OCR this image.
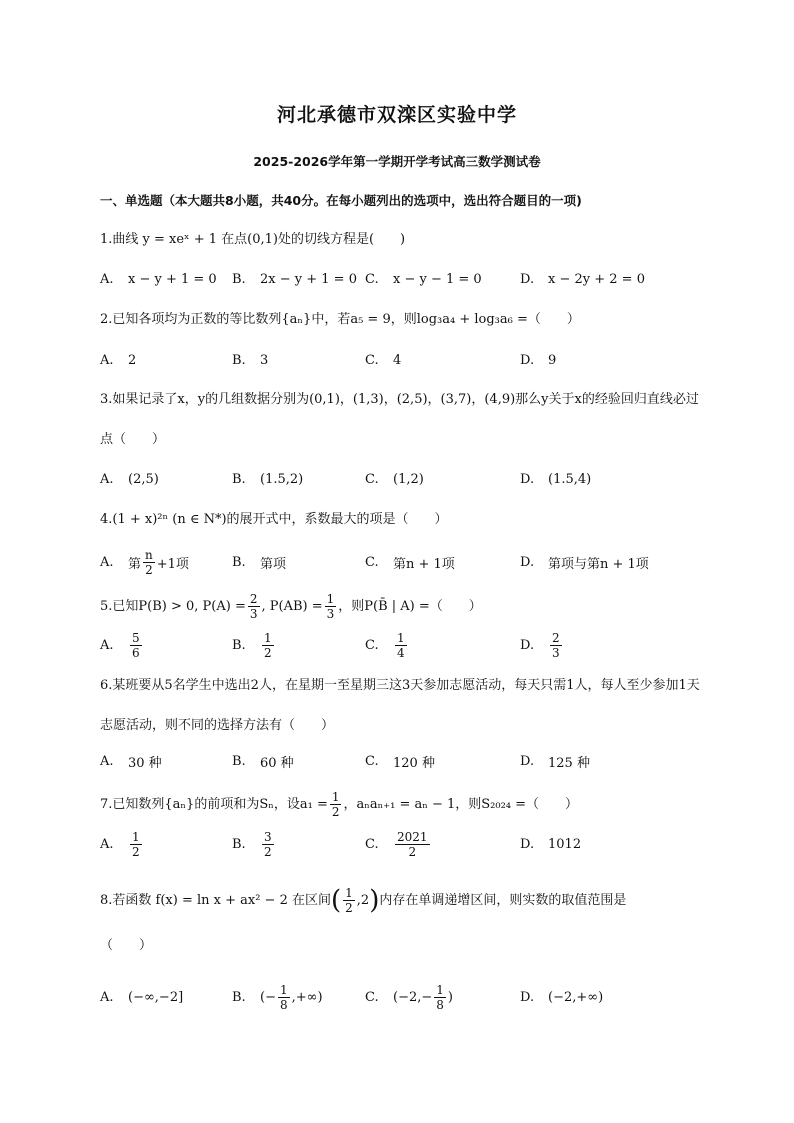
河北承德市双滦区实验中学
2025-2026学年第一学期开学考试高三数学测试卷
一、单选题（本大题共8小题，共40分。在每小题列出的选项中，选出符合题目的一项)
1.曲线 y = xeˣ + 1 在点(0,1)处的切线方程是(　　)
A.	x − y + 1 = 0 B.	2x − y + 1 = 0 C.	x − y − 1 = 0	D.	x − 2y + 2 = 0
2.已知各项均为正数的等比数列{aₙ}中，若a₅ = 9，则log₃a₄ + log₃a₆ =（　　）
A.	2	B.	3	C.	4	D.	9
3.如果记录了x，y的几组数据分别为(0,1)，(1,3)，(2,5)，(3,7)，(4,9)那么y关于x的经验回归直线必过点（　　）
A.	(2,5)	B.	(1.5,2)	C.	(1,2)	D.	(1.5,4)
4.(1 + x)²ⁿ (n ∈ N*)的展开式中，系数最大的项是（　　）
A.	第 $\frac{n}{2} +1$项	B.	第项	C.	第n + 1项	D.	第项与第n + 1项
5.已知P(B) > 0, $P(A) = \frac{2}{3}$ , $P(AB) = \frac{1}{3}$ ，则P(B̄ | A) =（　　）
A.	$\frac{5}{6}$	B.	$\frac{1}{2}$	C.	$\frac{1}{4}$	D.	$\frac{2}{3}$
6.某班要从5名学生中选出2人，在星期一至星期三这3天参加志愿活动，每天只需1人，每人至少参加1天志愿活动，则不同的选择方法有（　　）
A.	30 种	B.	60 种	C.	120 种	D.	125 种
7.已知数列{aₙ}的前项和为Sₙ，设$a_1 = \frac{1}{2}$ ，aₙaₙ₊₁ = aₙ − 1，则S₂₀₂₄ =（　　）
A.	$\frac{1}{2}$	B.	$\frac{3}{2}$	C.	$\frac{2021}{2}$	D.	1012
8.若函数 f(x) = ln x + ax² − 2 在区间( $\frac{1}{2} ,2$)内存在单调递增区间，则实数的取值范围是
（　　）
A.	(−∞,−2]	B.	(− $\frac{1}{8}$ ,+∞)	C.	($-2,- \frac{1}{8}$ )	D.	(−2,+∞)
